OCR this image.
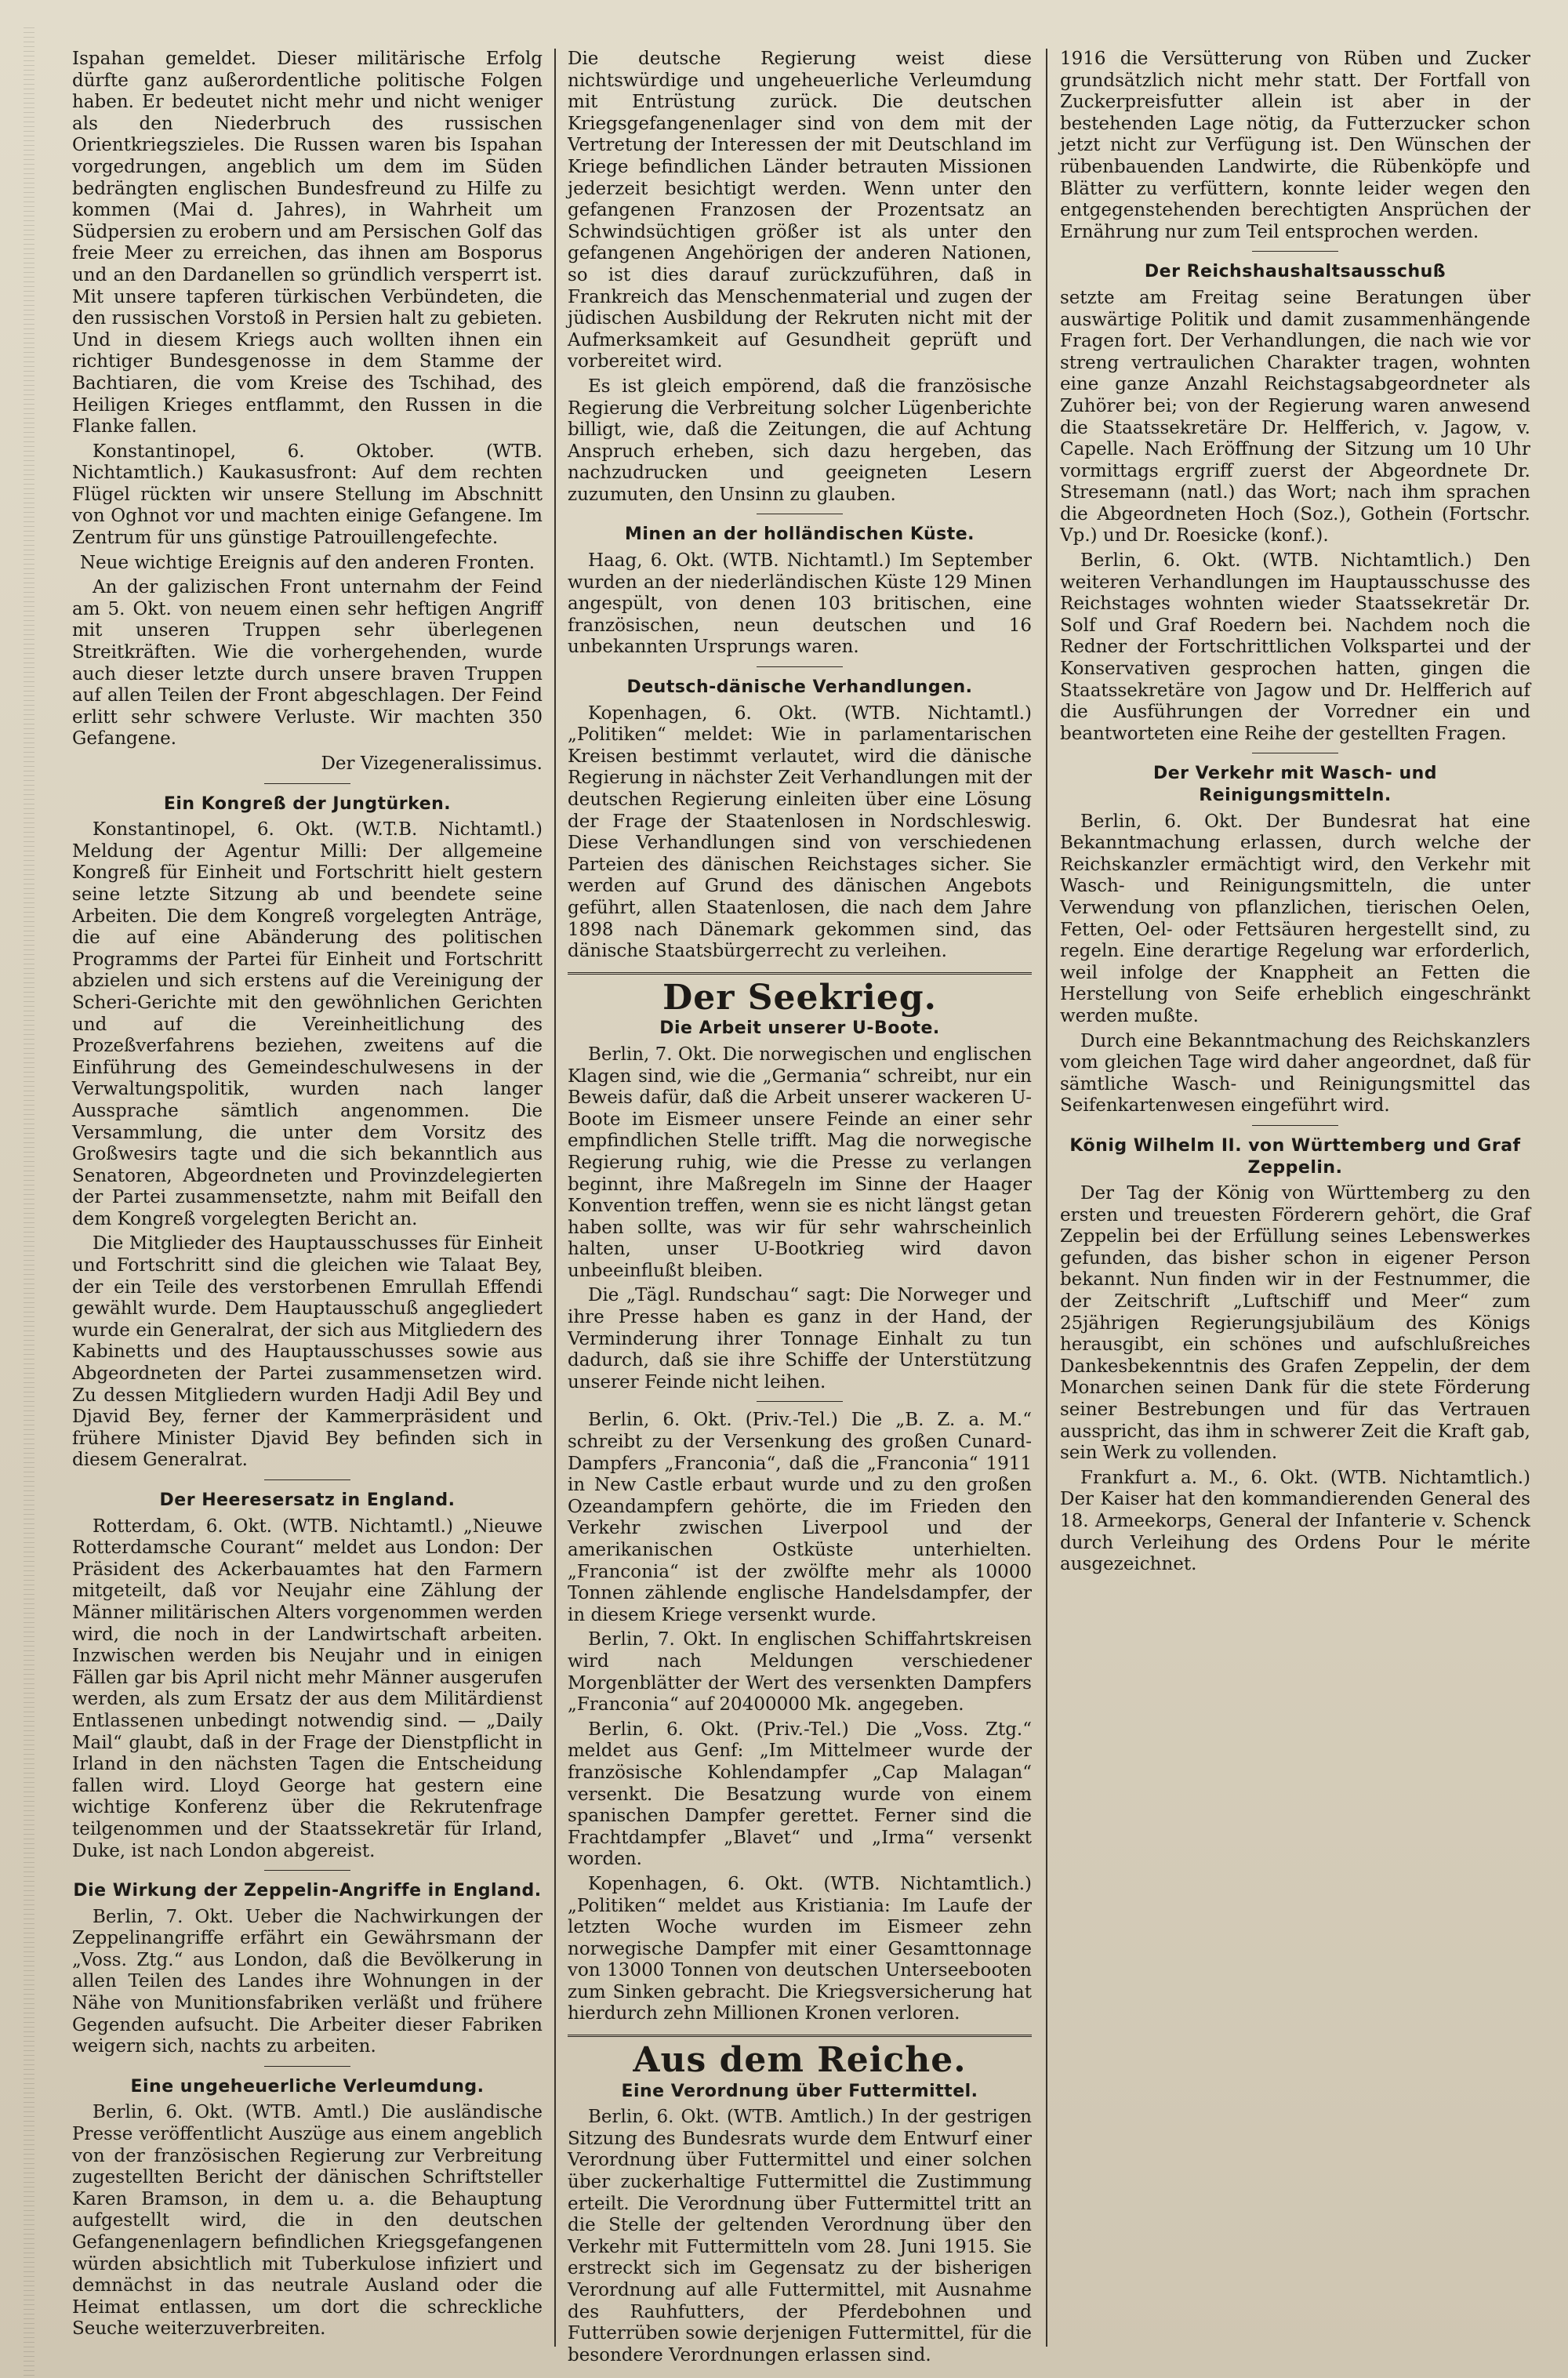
Ispahan gemeldet. Dieser militärische Erfolg dürfte ganz außerordentliche politische Folgen haben. Er bedeutet nicht mehr und nicht weniger als den Niederbruch des russischen Orientkriegszieles. Die Russen waren bis Ispahan vorgedrungen, angeblich um dem im Süden bedrängten englischen Bundesfreund zu Hilfe zu kommen (Mai d. Jahres), in Wahrheit um Südpersien zu erobern und am Persischen Golf das freie Meer zu erreichen, das ihnen am Bosporus und an den Dardanellen so gründlich versperrt ist. Mit unsere tapferen türkischen Verbündeten, die den russischen Vorstoß in Persien halt zu gebieten. Und in diesem Kriegs auch wollten ihnen ein richtiger Bundesgenosse in dem Stamme der Bachtiaren, die vom Kreise des Tschihad, des Heiligen Krieges entflammt, den Russen in die Flanke fallen.

Konstantinopel, 6. Oktober. (WTB. Nichtamtlich.) Kaukasusfront: Auf dem rechten Flügel rückten wir unsere Stellung im Abschnitt von Oghnot vor und machten einige Gefangene. Im Zentrum für uns günstige Patrouillengefechte.

Neue wichtige Ereignis auf den anderen Fronten.

An der galizischen Front unternahm der Feind am 5. Okt. von neuem einen sehr heftigen Angriff mit unseren Truppen sehr überlegenen Streitkräften. Wie die vorhergehenden, wurde auch dieser letzte durch unsere braven Truppen auf allen Teilen der Front abgeschlagen. Der Feind erlitt sehr schwere Verluste. Wir machten 350 Gefangene.

Der Vizegeneralissimus.

Ein Kongreß der Jungtürken.

Konstantinopel, 6. Okt. (W.T.B. Nichtamtl.) Meldung der Agentur Milli: Der allgemeine Kongreß für Einheit und Fortschritt hielt gestern seine letzte Sitzung ab und beendete seine Arbeiten. Die dem Kongreß vorgelegten Anträge, die auf eine Abänderung des politischen Programms der Partei für Einheit und Fortschritt abzielen und sich erstens auf die Vereinigung der Scheri-Gerichte mit den gewöhnlichen Gerichten und auf die Vereinheitlichung des Prozeßverfahrens beziehen, zweitens auf die Einführung des Gemeindeschulwesens in der Verwaltungspolitik, wurden nach langer Aussprache sämtlich angenommen. Die Versammlung, die unter dem Vorsitz des Großwesirs tagte und die sich bekanntlich aus Senatoren, Abgeordneten und Provinzdelegierten der Partei zusammensetzte, nahm mit Beifall den dem Kongreß vorgelegten Bericht an.

Die Mitglieder des Hauptausschusses für Einheit und Fortschritt sind die gleichen wie Talaat Bey, der ein Teile des verstorbenen Emrullah Effendi gewählt wurde. Dem Hauptausschuß angegliedert wurde ein Generalrat, der sich aus Mitgliedern des Kabinetts und des Hauptausschusses sowie aus Abgeordneten der Partei zusammensetzen wird. Zu dessen Mitgliedern wurden Hadji Adil Bey und Djavid Bey, ferner der Kammerpräsident und frühere Minister Djavid Bey befinden sich in diesem Generalrat.

Der Heeresersatz in England.

Rotterdam, 6. Okt. (WTB. Nichtamtl.) „Nieuwe Rotterdamsche Courant“ meldet aus London: Der Präsident des Ackerbauamtes hat den Farmern mitgeteilt, daß vor Neujahr eine Zählung der Männer militärischen Alters vorgenommen werden wird, die noch in der Landwirtschaft arbeiten. Inzwischen werden bis Neujahr und in einigen Fällen gar bis April nicht mehr Männer ausgerufen werden, als zum Ersatz der aus dem Militärdienst Entlassenen unbedingt notwendig sind. — „Daily Mail“ glaubt, daß in der Frage der Dienstpflicht in Irland in den nächsten Tagen die Entscheidung fallen wird. Lloyd George hat gestern eine wichtige Konferenz über die Rekrutenfrage teilgenommen und der Staatssekretär für Irland, Duke, ist nach London abgereist.

Die Wirkung der Zeppelin-Angriffe in England.

Berlin, 7. Okt. Ueber die Nachwirkungen der Zeppelinangriffe erfährt ein Gewährsmann der „Voss. Ztg.“ aus London, daß die Bevölkerung in allen Teilen des Landes ihre Wohnungen in der Nähe von Munitionsfabriken verläßt und frühere Gegenden aufsucht. Die Arbeiter dieser Fabriken weigern sich, nachts zu arbeiten.

Eine ungeheuerliche Verleumdung.

Berlin, 6. Okt. (WTB. Amtl.) Die ausländische Presse veröffentlicht Auszüge aus einem angeblich von der französischen Regierung zur Verbreitung zugestellten Bericht der dänischen Schriftsteller Karen Bramson, in dem u. a. die Behauptung aufgestellt wird, die in den deutschen Gefangenenlagern befindlichen Kriegsgefangenen würden absichtlich mit Tuberkulose infiziert und demnächst in das neutrale Ausland oder die Heimat entlassen, um dort die schreckliche Seuche weiterzuverbreiten.

Die deutsche Regierung weist diese nichtswürdige und ungeheuerliche Verleumdung mit Entrüstung zurück. Die deutschen Kriegsgefangenenlager sind von dem mit der Vertretung der Interessen der mit Deutschland im Kriege befindlichen Länder betrauten Missionen jederzeit besichtigt werden. Wenn unter den gefangenen Franzosen der Prozentsatz an Schwindsüchtigen größer ist als unter den gefangenen Angehörigen der anderen Nationen, so ist dies darauf zurückzuführen, daß in Frankreich das Menschenmaterial und zugen der jüdischen Ausbildung der Rekruten nicht mit der Aufmerksamkeit auf Gesundheit geprüft und vorbereitet wird.

Es ist gleich empörend, daß die französische Regierung die Verbreitung solcher Lügenberichte billigt, wie, daß die Zeitungen, die auf Achtung Anspruch erheben, sich dazu hergeben, das nachzudrucken und geeigneten Lesern zuzumuten, den Unsinn zu glauben.

Minen an der holländischen Küste.

Haag, 6. Okt. (WTB. Nichtamtl.) Im September wurden an der niederländischen Küste 129 Minen angespült, von denen 103 britischen, eine französischen, neun deutschen und 16 unbekannten Ursprungs waren.

Deutsch-dänische Verhandlungen.

Kopenhagen, 6. Okt. (WTB. Nichtamtl.) „Politiken“ meldet: Wie in parlamentarischen Kreisen bestimmt verlautet, wird die dänische Regierung in nächster Zeit Verhandlungen mit der deutschen Regierung einleiten über eine Lösung der Frage der Staatenlosen in Nordschleswig. Diese Verhandlungen sind von verschiedenen Parteien des dänischen Reichstages sicher. Sie werden auf Grund des dänischen Angebots geführt, allen Staatenlosen, die nach dem Jahre 1898 nach Dänemark gekommen sind, das dänische Staatsbürgerrecht zu verleihen.

Der Seekrieg.
Die Arbeit unserer U-Boote.

Berlin, 7. Okt. Die norwegischen und englischen Klagen sind, wie die „Germania“ schreibt, nur ein Beweis dafür, daß die Arbeit unserer wackeren U-Boote im Eismeer unsere Feinde an einer sehr empfindlichen Stelle trifft. Mag die norwegische Regierung ruhig, wie die Presse zu verlangen beginnt, ihre Maßregeln im Sinne der Haager Konvention treffen, wenn sie es nicht längst getan haben sollte, was wir für sehr wahrscheinlich halten, unser U-Bootkrieg wird davon unbeeinflußt bleiben.

Die „Tägl. Rundschau“ sagt: Die Norweger und ihre Presse haben es ganz in der Hand, der Verminderung ihrer Tonnage Einhalt zu tun dadurch, daß sie ihre Schiffe der Unterstützung unserer Feinde nicht leihen.

Berlin, 6. Okt. (Priv.-Tel.) Die „B. Z. a. M.“ schreibt zu der Versenkung des großen Cunard-Dampfers „Franconia“, daß die „Franconia“ 1911 in New Castle erbaut wurde und zu den großen Ozeandampfern gehörte, die im Frieden den Verkehr zwischen Liverpool und der amerikanischen Ostküste unterhielten. „Franconia“ ist der zwölfte mehr als 10000 Tonnen zählende englische Handelsdampfer, der in diesem Kriege versenkt wurde.

Berlin, 7. Okt. In englischen Schiffahrtskreisen wird nach Meldungen verschiedener Morgenblätter der Wert des versenkten Dampfers „Franconia“ auf 20400000 Mk. angegeben.

Berlin, 6. Okt. (Priv.-Tel.) Die „Voss. Ztg.“ meldet aus Genf: „Im Mittelmeer wurde der französische Kohlendampfer „Cap Malagan“ versenkt. Die Besatzung wurde von einem spanischen Dampfer gerettet. Ferner sind die Frachtdampfer „Blavet“ und „Irma“ versenkt worden.

Kopenhagen, 6. Okt. (WTB. Nichtamtlich.) „Politiken“ meldet aus Kristiania: Im Laufe der letzten Woche wurden im Eismeer zehn norwegische Dampfer mit einer Gesamttonnage von 13000 Tonnen von deutschen Unterseebooten zum Sinken gebracht. Die Kriegsversicherung hat hierdurch zehn Millionen Kronen verloren.

Aus dem Reiche.
Eine Verordnung über Futtermittel.

Berlin, 6. Okt. (WTB. Amtlich.) In der gestrigen Sitzung des Bundesrats wurde dem Entwurf einer Verordnung über Futtermittel und einer solchen über zuckerhaltige Futtermittel die Zustimmung erteilt. Die Verordnung über Futtermittel tritt an die Stelle der geltenden Verordnung über den Verkehr mit Futtermitteln vom 28. Juni 1915. Sie erstreckt sich im Gegensatz zu der bisherigen Verordnung auf alle Futtermittel, mit Ausnahme des Rauhfutters, der Pferdebohnen und Futterrüben sowie derjenigen Futtermittel, für die besondere Verordnungen erlassen sind.

1916 die Versütterung von Rüben und Zucker grundsätzlich nicht mehr statt. Der Fortfall von Zuckerpreisfutter allein ist aber in der bestehenden Lage nötig, da Futterzucker schon jetzt nicht zur Verfügung ist. Den Wünschen der rübenbauenden Landwirte, die Rübenköpfe und Blätter zu verfüttern, konnte leider wegen den entgegenstehenden berechtigten Ansprüchen der Ernährung nur zum Teil entsprochen werden.

Der Reichshaushaltsausschuß

setzte am Freitag seine Beratungen über auswärtige Politik und damit zusammenhängende Fragen fort. Der Verhandlungen, die nach wie vor streng vertraulichen Charakter tragen, wohnten eine ganze Anzahl Reichstagsabgeordneter als Zuhörer bei; von der Regierung waren anwesend die Staatssekretäre Dr. Helfferich, v. Jagow, v. Capelle. Nach Eröffnung der Sitzung um 10 Uhr vormittags ergriff zuerst der Abgeordnete Dr. Stresemann (natl.) das Wort; nach ihm sprachen die Abgeordneten Hoch (Soz.), Gothein (Fortschr. Vp.) und Dr. Roesicke (konf.).

Berlin, 6. Okt. (WTB. Nichtamtlich.) Den weiteren Verhandlungen im Hauptausschusse des Reichstages wohnten wieder Staatssekretär Dr. Solf und Graf Roedern bei. Nachdem noch die Redner der Fortschrittlichen Volkspartei und der Konservativen gesprochen hatten, gingen die Staatssekretäre von Jagow und Dr. Helfferich auf die Ausführungen der Vorredner ein und beantworteten eine Reihe der gestellten Fragen.

Der Verkehr mit Wasch- und Reinigungsmitteln.

Berlin, 6. Okt. Der Bundesrat hat eine Bekanntmachung erlassen, durch welche der Reichskanzler ermächtigt wird, den Verkehr mit Wasch- und Reinigungsmitteln, die unter Verwendung von pflanzlichen, tierischen Oelen, Fetten, Oel- oder Fettsäuren hergestellt sind, zu regeln. Eine derartige Regelung war erforderlich, weil infolge der Knappheit an Fetten die Herstellung von Seife erheblich eingeschränkt werden mußte.

Durch eine Bekanntmachung des Reichskanzlers vom gleichen Tage wird daher angeordnet, daß für sämtliche Wasch- und Reinigungsmittel das Seifenkartenwesen eingeführt wird.

König Wilhelm II. von Württemberg und Graf Zeppelin.

Der Tag der König von Württemberg zu den ersten und treuesten Förderern gehört, die Graf Zeppelin bei der Erfüllung seines Lebenswerkes gefunden, das bisher schon in eigener Person bekannt. Nun finden wir in der Festnummer, die der Zeitschrift „Luftschiff und Meer“ zum 25jährigen Regierungsjubiläum des Königs herausgibt, ein schönes und aufschlußreiches Dankesbekenntnis des Grafen Zeppelin, der dem Monarchen seinen Dank für die stete Förderung seiner Bestrebungen und für das Vertrauen ausspricht, das ihm in schwerer Zeit die Kraft gab, sein Werk zu vollenden.

Frankfurt a. M., 6. Okt. (WTB. Nichtamtlich.) Der Kaiser hat den kommandierenden General des 18. Armeekorps, General der Infanterie v. Schenck durch Verleihung des Ordens Pour le mérite ausgezeichnet.
